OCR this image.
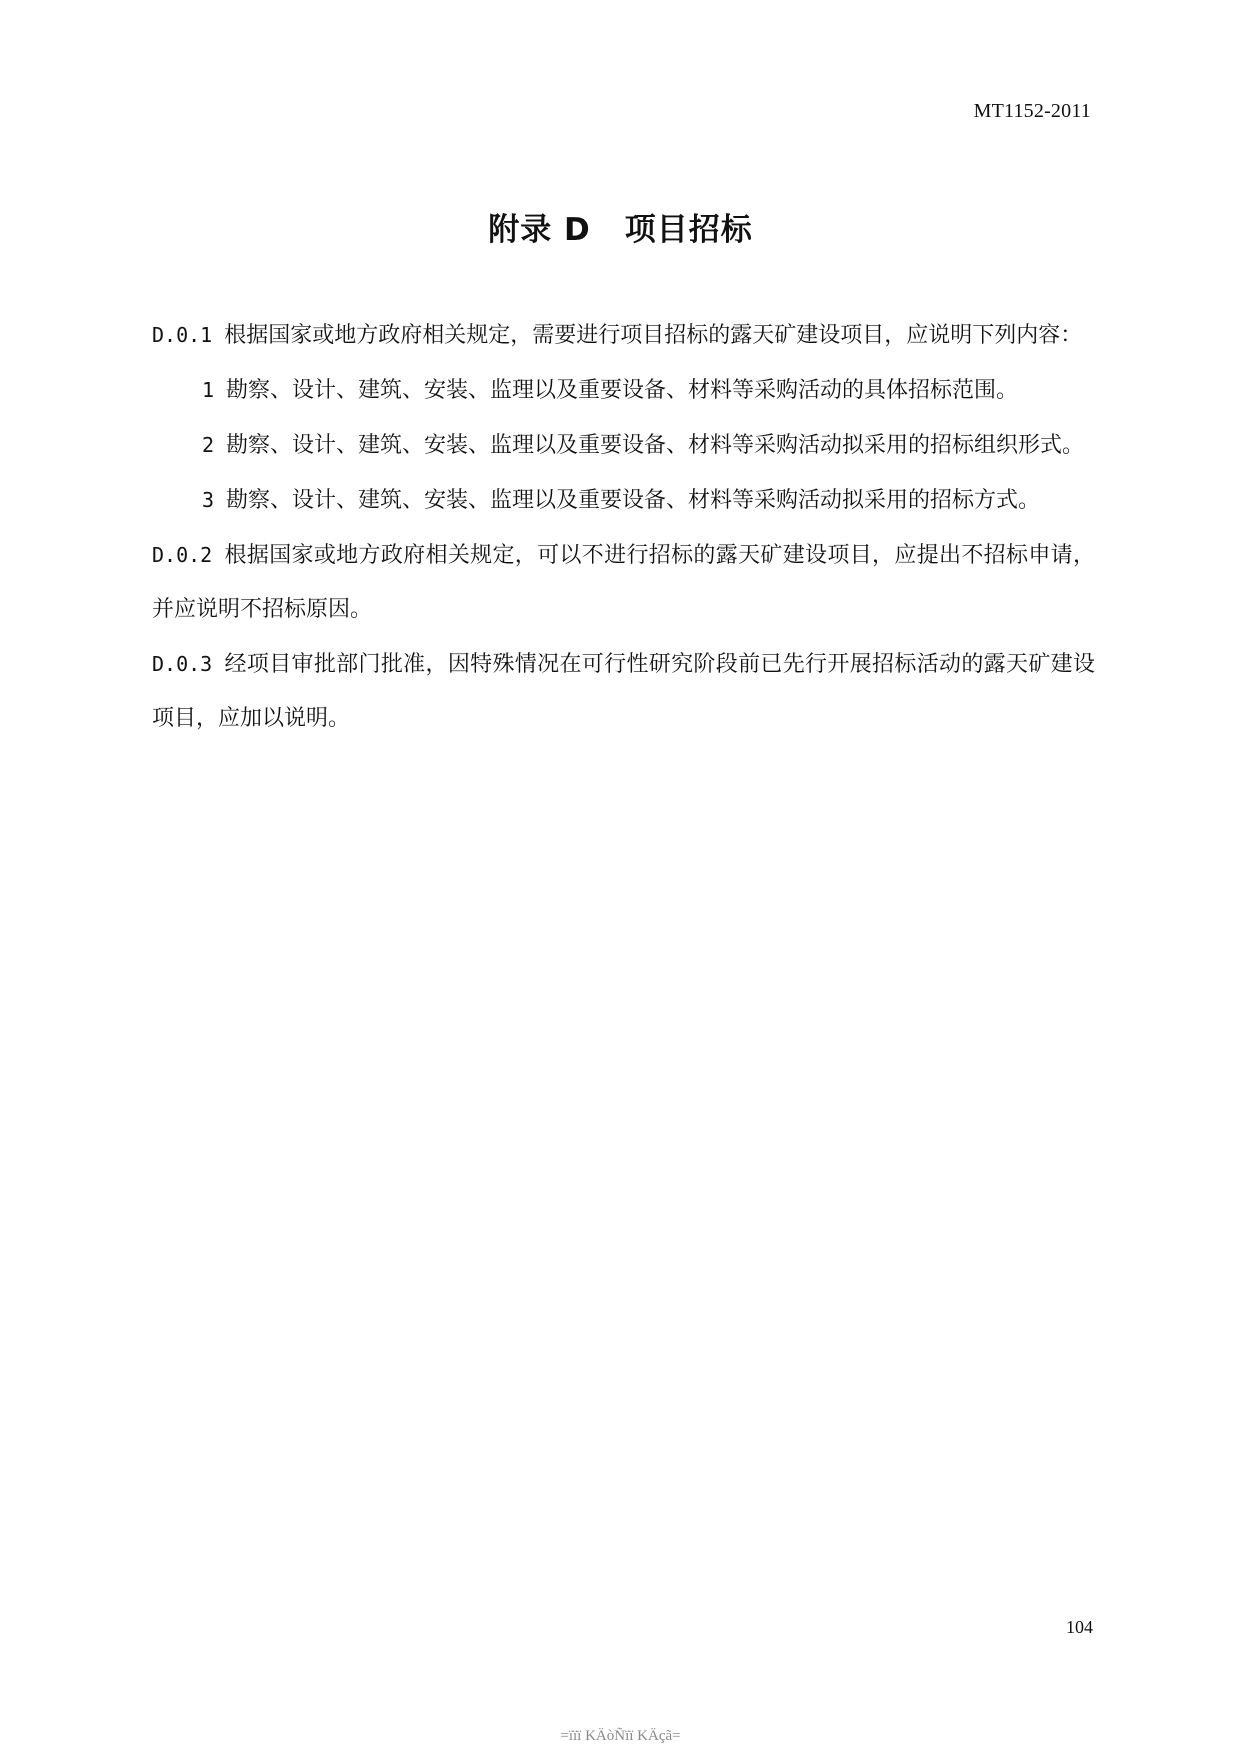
MT1152-2011
附录 D 项目招标

D.0.1 根据国家或地方政府相关规定，需要进行项目招标的露天矿建设项目，应说明下列内容：

1 勘察、设计、建筑、安装、监理以及重要设备、材料等采购活动的具体招标范围。

2 勘察、设计、建筑、安装、监理以及重要设备、材料等采购活动拟采用的招标组织形式。

3 勘察、设计、建筑、安装、监理以及重要设备、材料等采购活动拟采用的招标方式。

D.0.2 根据国家或地方政府相关规定，可以不进行招标的露天矿建设项目，应提出不招标申请，并应说明不招标原因。

D.0.3 经项目审批部门批准，因特殊情况在可行性研究阶段前已先行开展招标活动的露天矿建设项目，应加以说明。

104
=ïïï KÄòÑïï KÄçã=
